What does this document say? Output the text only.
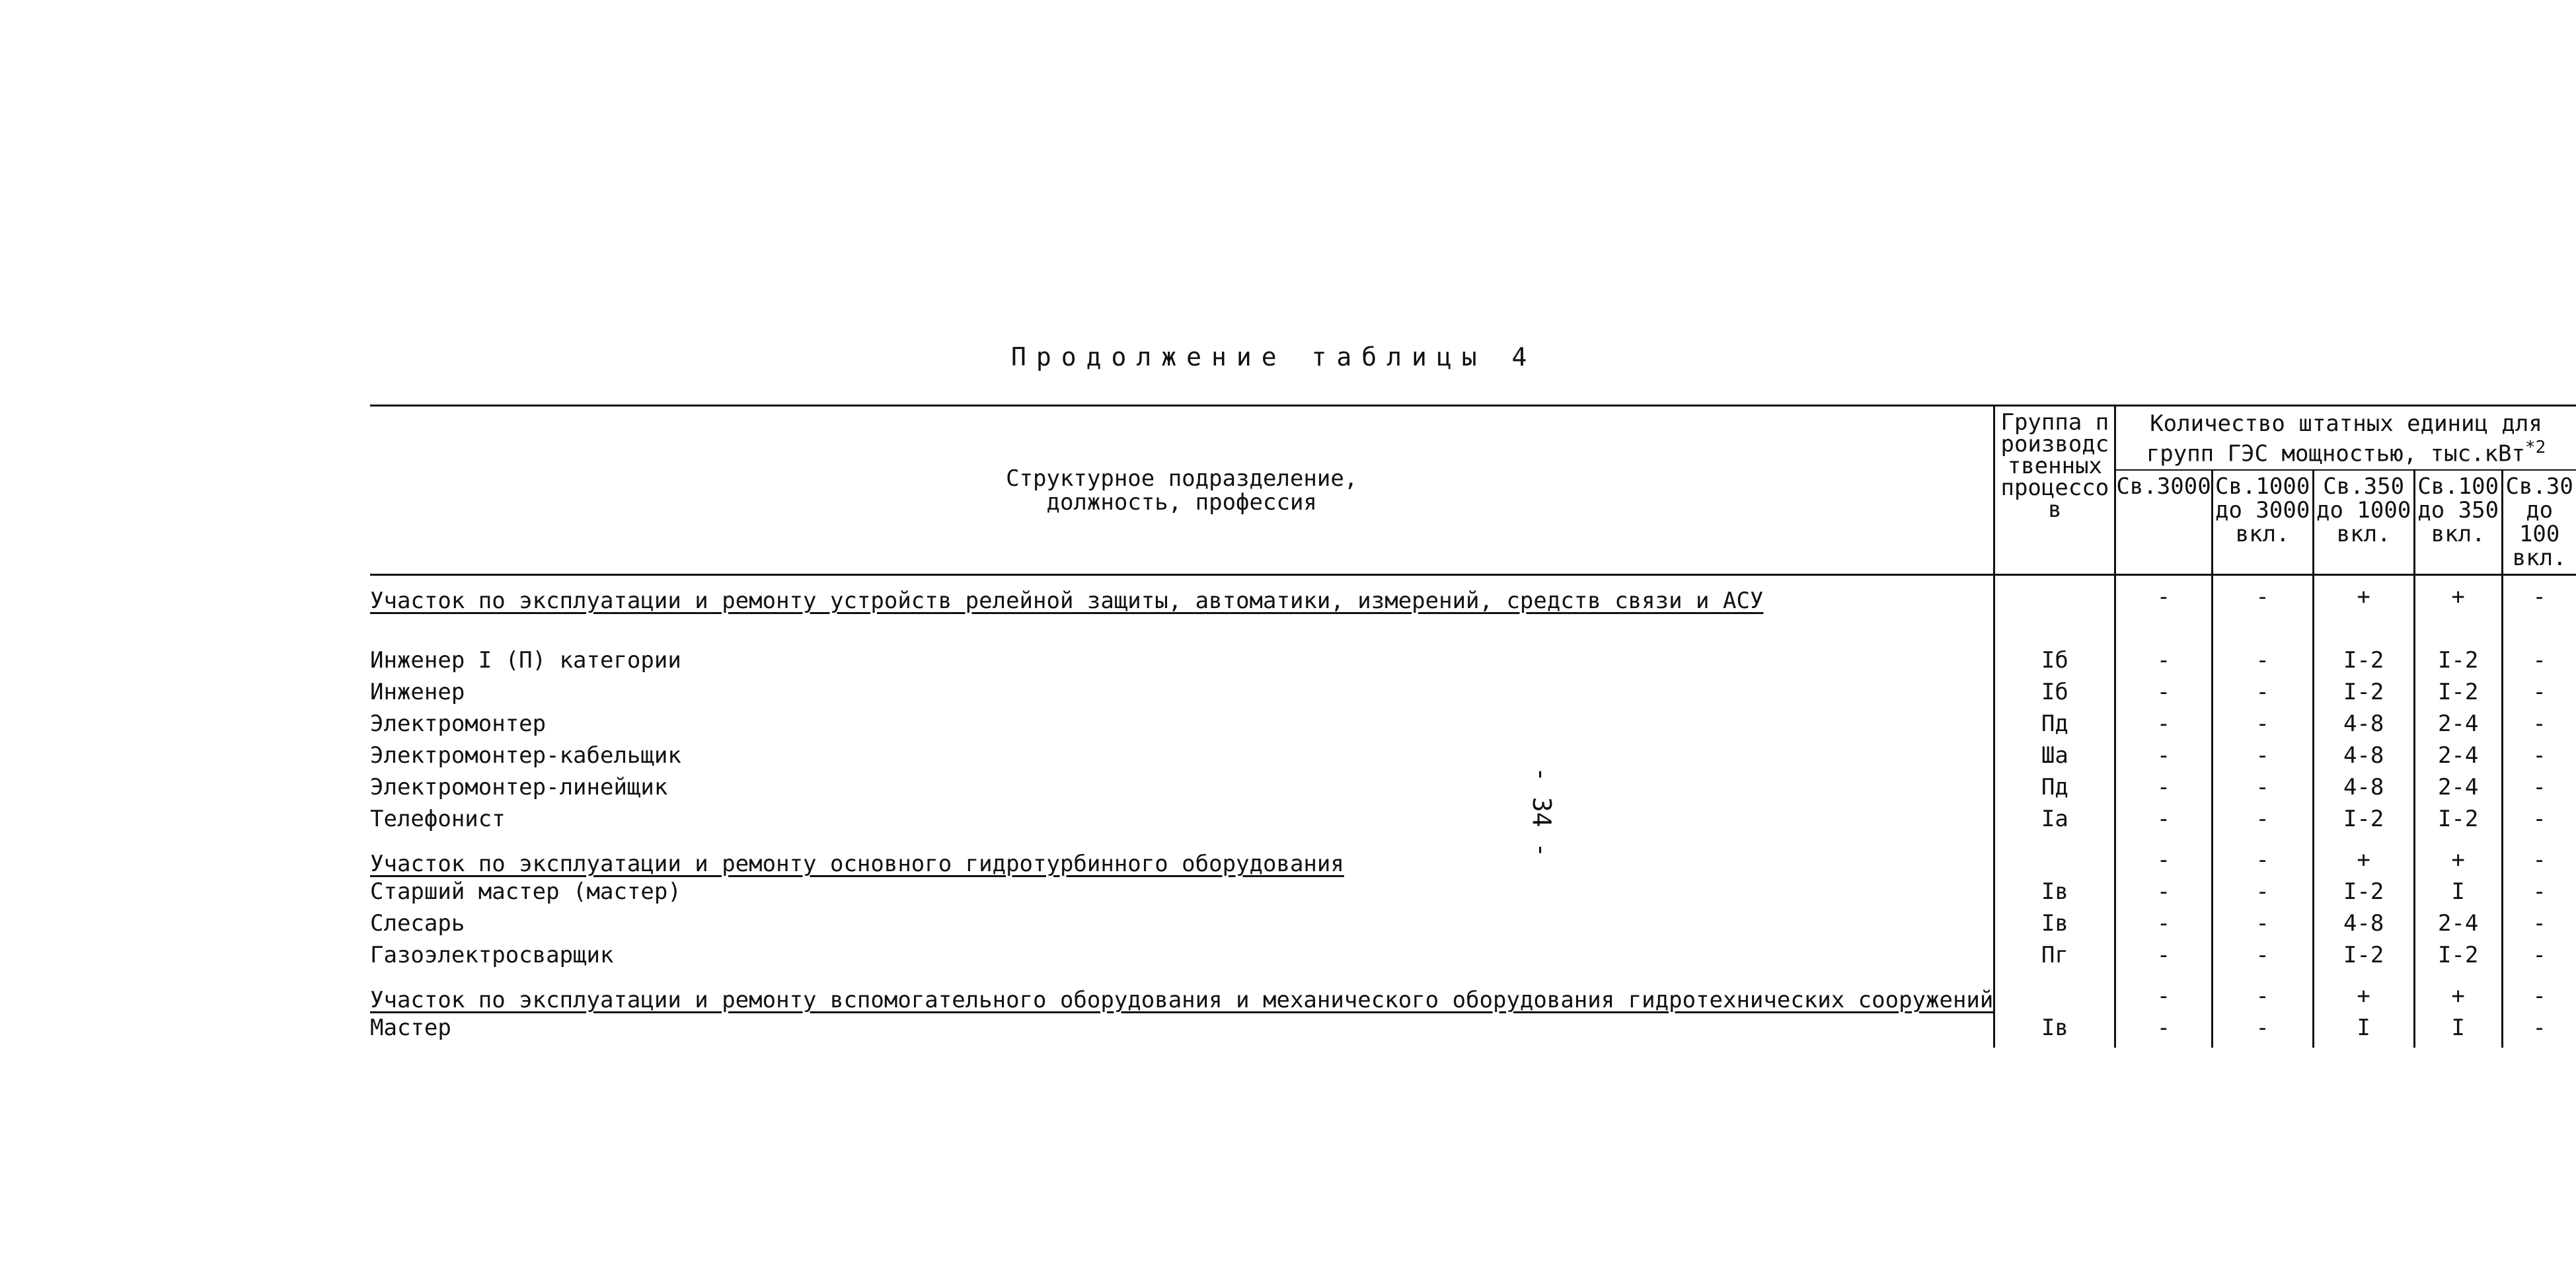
Продолжение таблицы 4
- 34 -
Структурное подразделение, должность, профессия	Группа производственных процессов	Количество штатных единиц для групп ГЭС мощностью, тыс.кВт$^{*2}$

		Св.3000	Св.1000 до 3000 вкл.	Св.350 до 1000 вкл.	Св.100 до 350 вкл.	Св.30 до 100 вкл.

Участок по эксплуатации и ремонту устройств релейной защиты, автоматики, измерений, средств связи и АСУ		-	-	+	+	-

Инженер I (П) категории	Iб	-	-	I-2	I-2	-
Инженер	Iб	-	-	I-2	I-2	-
Электромонтер	Пд	-	-	4-8	2-4	-
Электромонтер-кабельщик	Шa	-	-	4-8	2-4	-
Электромонтер-линейщик	Пд	-	-	4-8	2-4	-
Телефонист	Iа	-	-	I-2	I-2	-
Участок по эксплуатации и ремонту основного гидротурбинного оборудования		-	-	+	+	-
Старший мастер (мастер)	Iв	-	-	I-2	I	-
Слесарь	Iв	-	-	4-8	2-4	-
Газоэлектросварщик	Пг	-	-	I-2	I-2	-
Участок по эксплуатации и ремонту вспомогательного оборудования и механического оборудования гидротехнических сооружений		-	-	+	+	-
Мастер	Iв	-	-	I	I	-
